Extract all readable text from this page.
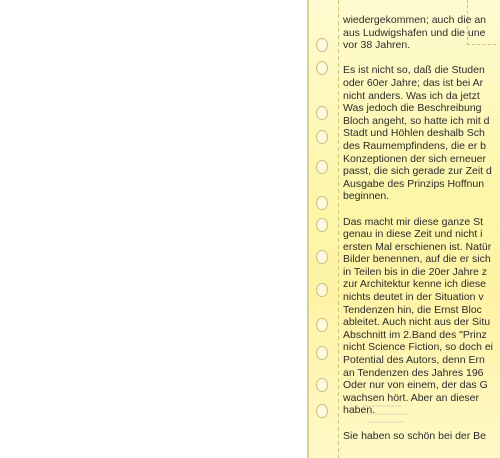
wiedergekommen; auch die an
aus Ludwigshafen und die une
vor 38 Jahren.
Es ist nicht so, daß die Studen
oder 60er Jahre; das ist bei Ar
nicht anders. Was ich da jetzt
Was jedoch die Beschreibung
Bloch angeht, so hatte ich mit d
Stadt und Höhlen deshalb Sch
des Raumempfindens, die er b
Konzeptionen der sich erneuer
passt, die sich gerade zur Zeit d
Ausgabe des Prinzips Hoffnun
beginnen.
Das macht mir diese ganze St
genau in diese Zeit und nicht i
ersten Mal erschienen ist. Natür
Bilder benennen, auf die er sich
in Teilen bis in die 20er Jahre z
zur Architektur kenne ich diese
nichts deutet in der Situation v
Tendenzen hin, die Ernst Bloc
ableitet. Auch nicht aus der Situ
Abschnitt im 2.Band des "Prinz
nicht Science Fiction, so doch ei
Potential des Autors, denn Ern
an Tendenzen des Jahres 196
Oder nur von einem, der das G
wachsen hört. Aber an dieser
haben.
Sie haben so schön bei der Be
